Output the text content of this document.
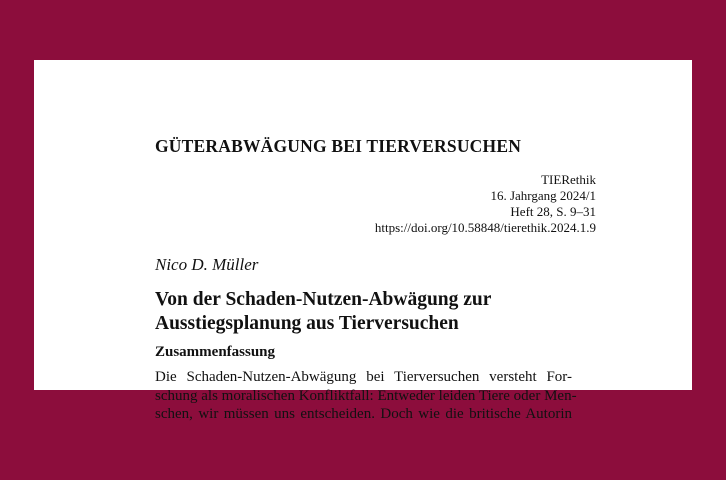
GÜTERABWÄGUNG BEI TIERVERSUCHEN
TIERethik
16. Jahrgang 2024/1
Heft 28, S. 9–31
https://doi.org/10.58848/tierethik.2024.1.9
Nico D. Müller
Von der Schaden-Nutzen-Abwägung zur
Ausstiegsplanung aus Tierversuchen
Zusammenfassung
Die Schaden-Nutzen-Abwägung bei Tierversuchen versteht For-
schung als moralischen Konfliktfall: Entweder leiden Tiere oder Men-
schen, wir müssen uns entscheiden. Doch wie die britische Autorin
